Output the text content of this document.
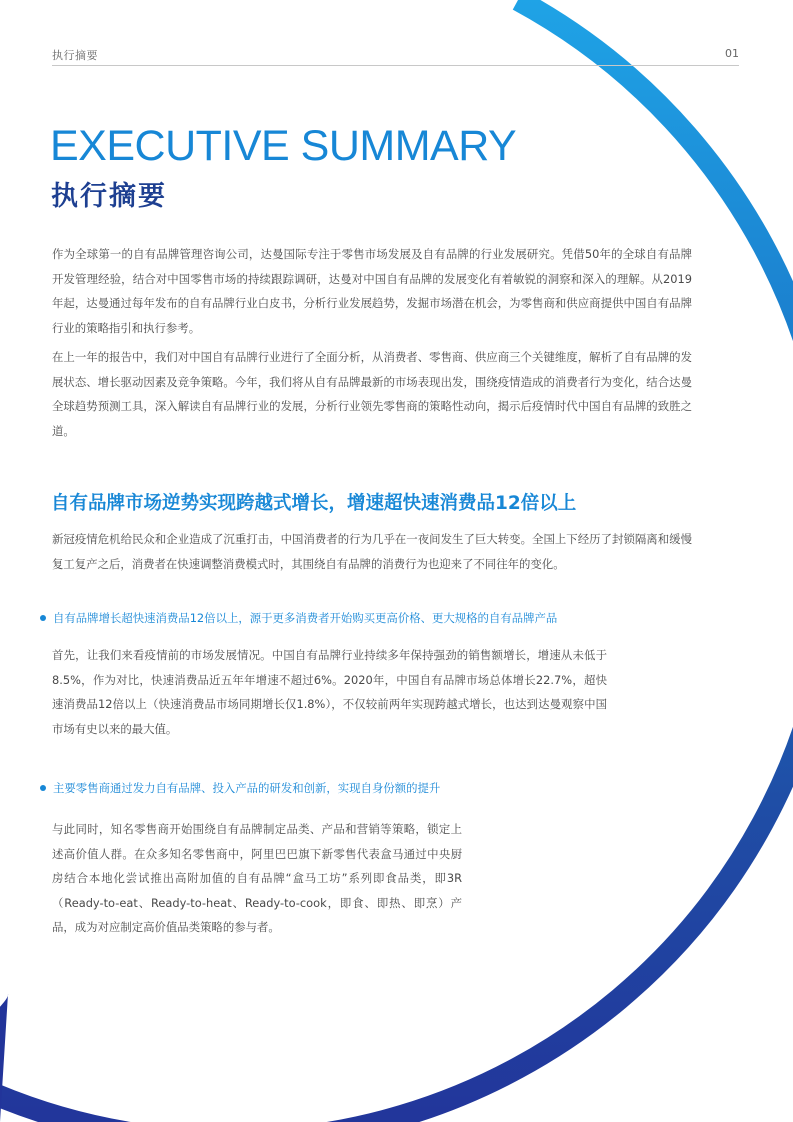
执行摘要	01
EXECUTIVE SUMMARY
执行摘要

作为全球第一的自有品牌管理咨询公司，达曼国际专注于零售市场发展及自有品牌的行业发展研究。凭借50年的全球自有品牌开发管理经验，结合对中国零售市场的持续跟踪调研，达曼对中国自有品牌的发展变化有着敏锐的洞察和深入的理解。从2019年起，达曼通过每年发布的自有品牌行业白皮书，分析行业发展趋势，发掘市场潜在机会，为零售商和供应商提供中国自有品牌行业的策略指引和执行参考。

在上一年的报告中，我们对中国自有品牌行业进行了全面分析，从消费者、零售商、供应商三个关键维度，解析了自有品牌的发展状态、增长驱动因素及竞争策略。今年，我们将从自有品牌最新的市场表现出发，围绕疫情造成的消费者行为变化，结合达曼全球趋势预测工具，深入解读自有品牌行业的发展，分析行业领先零售商的策略性动向，揭示后疫情时代中国自有品牌的致胜之道。

自有品牌市场逆势实现跨越式增长，增速超快速消费品12倍以上

新冠疫情危机给民众和企业造成了沉重打击，中国消费者的行为几乎在一夜间发生了巨大转变。全国上下经历了封锁隔离和缓慢复工复产之后，消费者在快速调整消费模式时，其围绕自有品牌的消费行为也迎来了不同往年的变化。

自有品牌增长超快速消费品12倍以上，源于更多消费者开始购买更高价格、更大规格的自有品牌产品

首先，让我们来看疫情前的市场发展情况。中国自有品牌行业持续多年保持强劲的销售额增长，增速从未低于8.5%，作为对比，快速消费品近五年年增速不超过6%。2020年，中国自有品牌市场总体增长22.7%，超快速消费品12倍以上（快速消费品市场同期增长仅1.8%），不仅较前两年实现跨越式增长，也达到达曼观察中国市场有史以来的最大值。

主要零售商通过发力自有品牌、投入产品的研发和创新，实现自身份额的提升

与此同时，知名零售商开始围绕自有品牌制定品类、产品和营销等策略，锁定上述高价值人群。在众多知名零售商中，阿里巴巴旗下新零售代表盒马通过中央厨房结合本地化尝试推出高附加值的自有品牌“盒马工坊”系列即食品类，即3R（Ready-to-eat、Ready-to-heat、Ready-to-cook，即食、即热、即烹）产品，成为对应制定高价值品类策略的参与者。
